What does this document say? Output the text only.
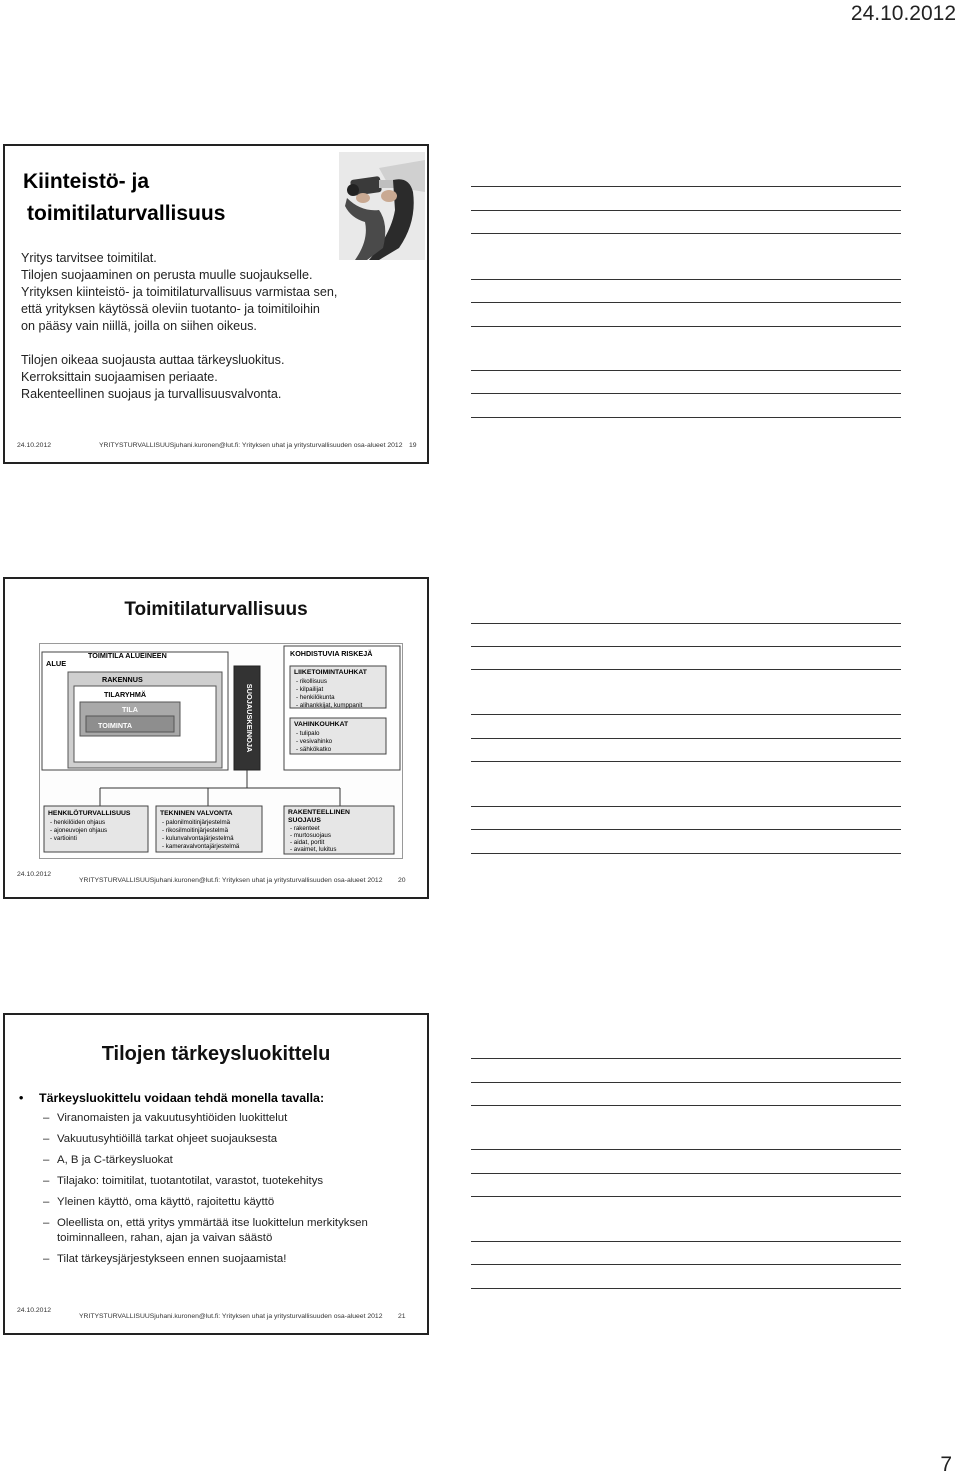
24.10.2012
Kiinteistö- ja
toimitilaturvallisuus

Yritys tarvitsee toimitilat.

Tilojen suojaaminen on perusta muulle suojaukselle.

Yrityksen kiinteistö- ja toimitilaturvallisuus varmistaa sen,

että yrityksen käytössä oleviin tuotanto- ja toimitiloihin

on pääsy vain niillä, joilla on siihen oikeus.

Tilojen oikeaa suojausta auttaa tärkeysluokitus.

Kerroksittain suojaamisen periaate.

Rakenteellinen suojaus ja turvallisuusvalvonta.

24.10.2012	YRITYSTURVALLISUUSjuhani.kuronen@lut.fi: Yrityksen uhat ja yritysturvallisuuden osa-alueet 2012 19
Toimitilaturvallisuus
ALUE
TOIMITILA ALUEINEEN
RAKENNUS
TILARYHMÄ
TILA
TOIMINTA	SUOJAUSKEINOJA
KOHDISTUVIA RISKEJÄ
LIIKETOIMINTAUHKAT
- rikollisuus
- kilpailijat
- henkilökunta
- alihankkijat, kumppanit
VAHINKOUHKAT
- tulipalo
- vesivahinko
- sähkökatko
HENKILÖTURVALLISUUS
- henkilöiden ohjaus
- ajoneuvojen ohjaus
- vartiointi
TEKNINEN VALVONTA
- palonilmoitinjärjestelmä
- rikosilmoitinjärjestelmä
- kulunvalvontajärjestelmä
- kameravalvontajärjestelmä
RAKENTEELLINEN
SUOJAUS
- rakenteet
- murtosuojaus
- aidat, portit
- avaimet, lukitus
24.10.2012
YRITYSTURVALLISUUSjuhani.kuronen@lut.fi: Yrityksen uhat ja yritysturvallisuuden osa-alueet 2012 20
Tilojen tärkeysluokittelu
• Tärkeysluokittelu voidaan tehdä monella tavalla:
– Viranomaisten ja vakuutusyhtiöiden luokittelut
– Vakuutusyhtiöillä tarkat ohjeet suojauksesta
– A, B ja C-tärkeysluokat
– Tilajako: toimitilat, tuotantotilat, varastot, tuotekehitys
– Yleinen käyttö, oma käyttö, rajoitettu käyttö
– Oleellista on, että yritys ymmärtää itse luokittelun merkityksen toiminnalleen, rahan, ajan ja vaivan säästö
– Tilat tärkeysjärjestykseen ennen suojaamista!
24.10.2012
YRITYSTURVALLISUUSjuhani.kuronen@lut.fi: Yrityksen uhat ja yritysturvallisuuden osa-alueet 2012 21
7
